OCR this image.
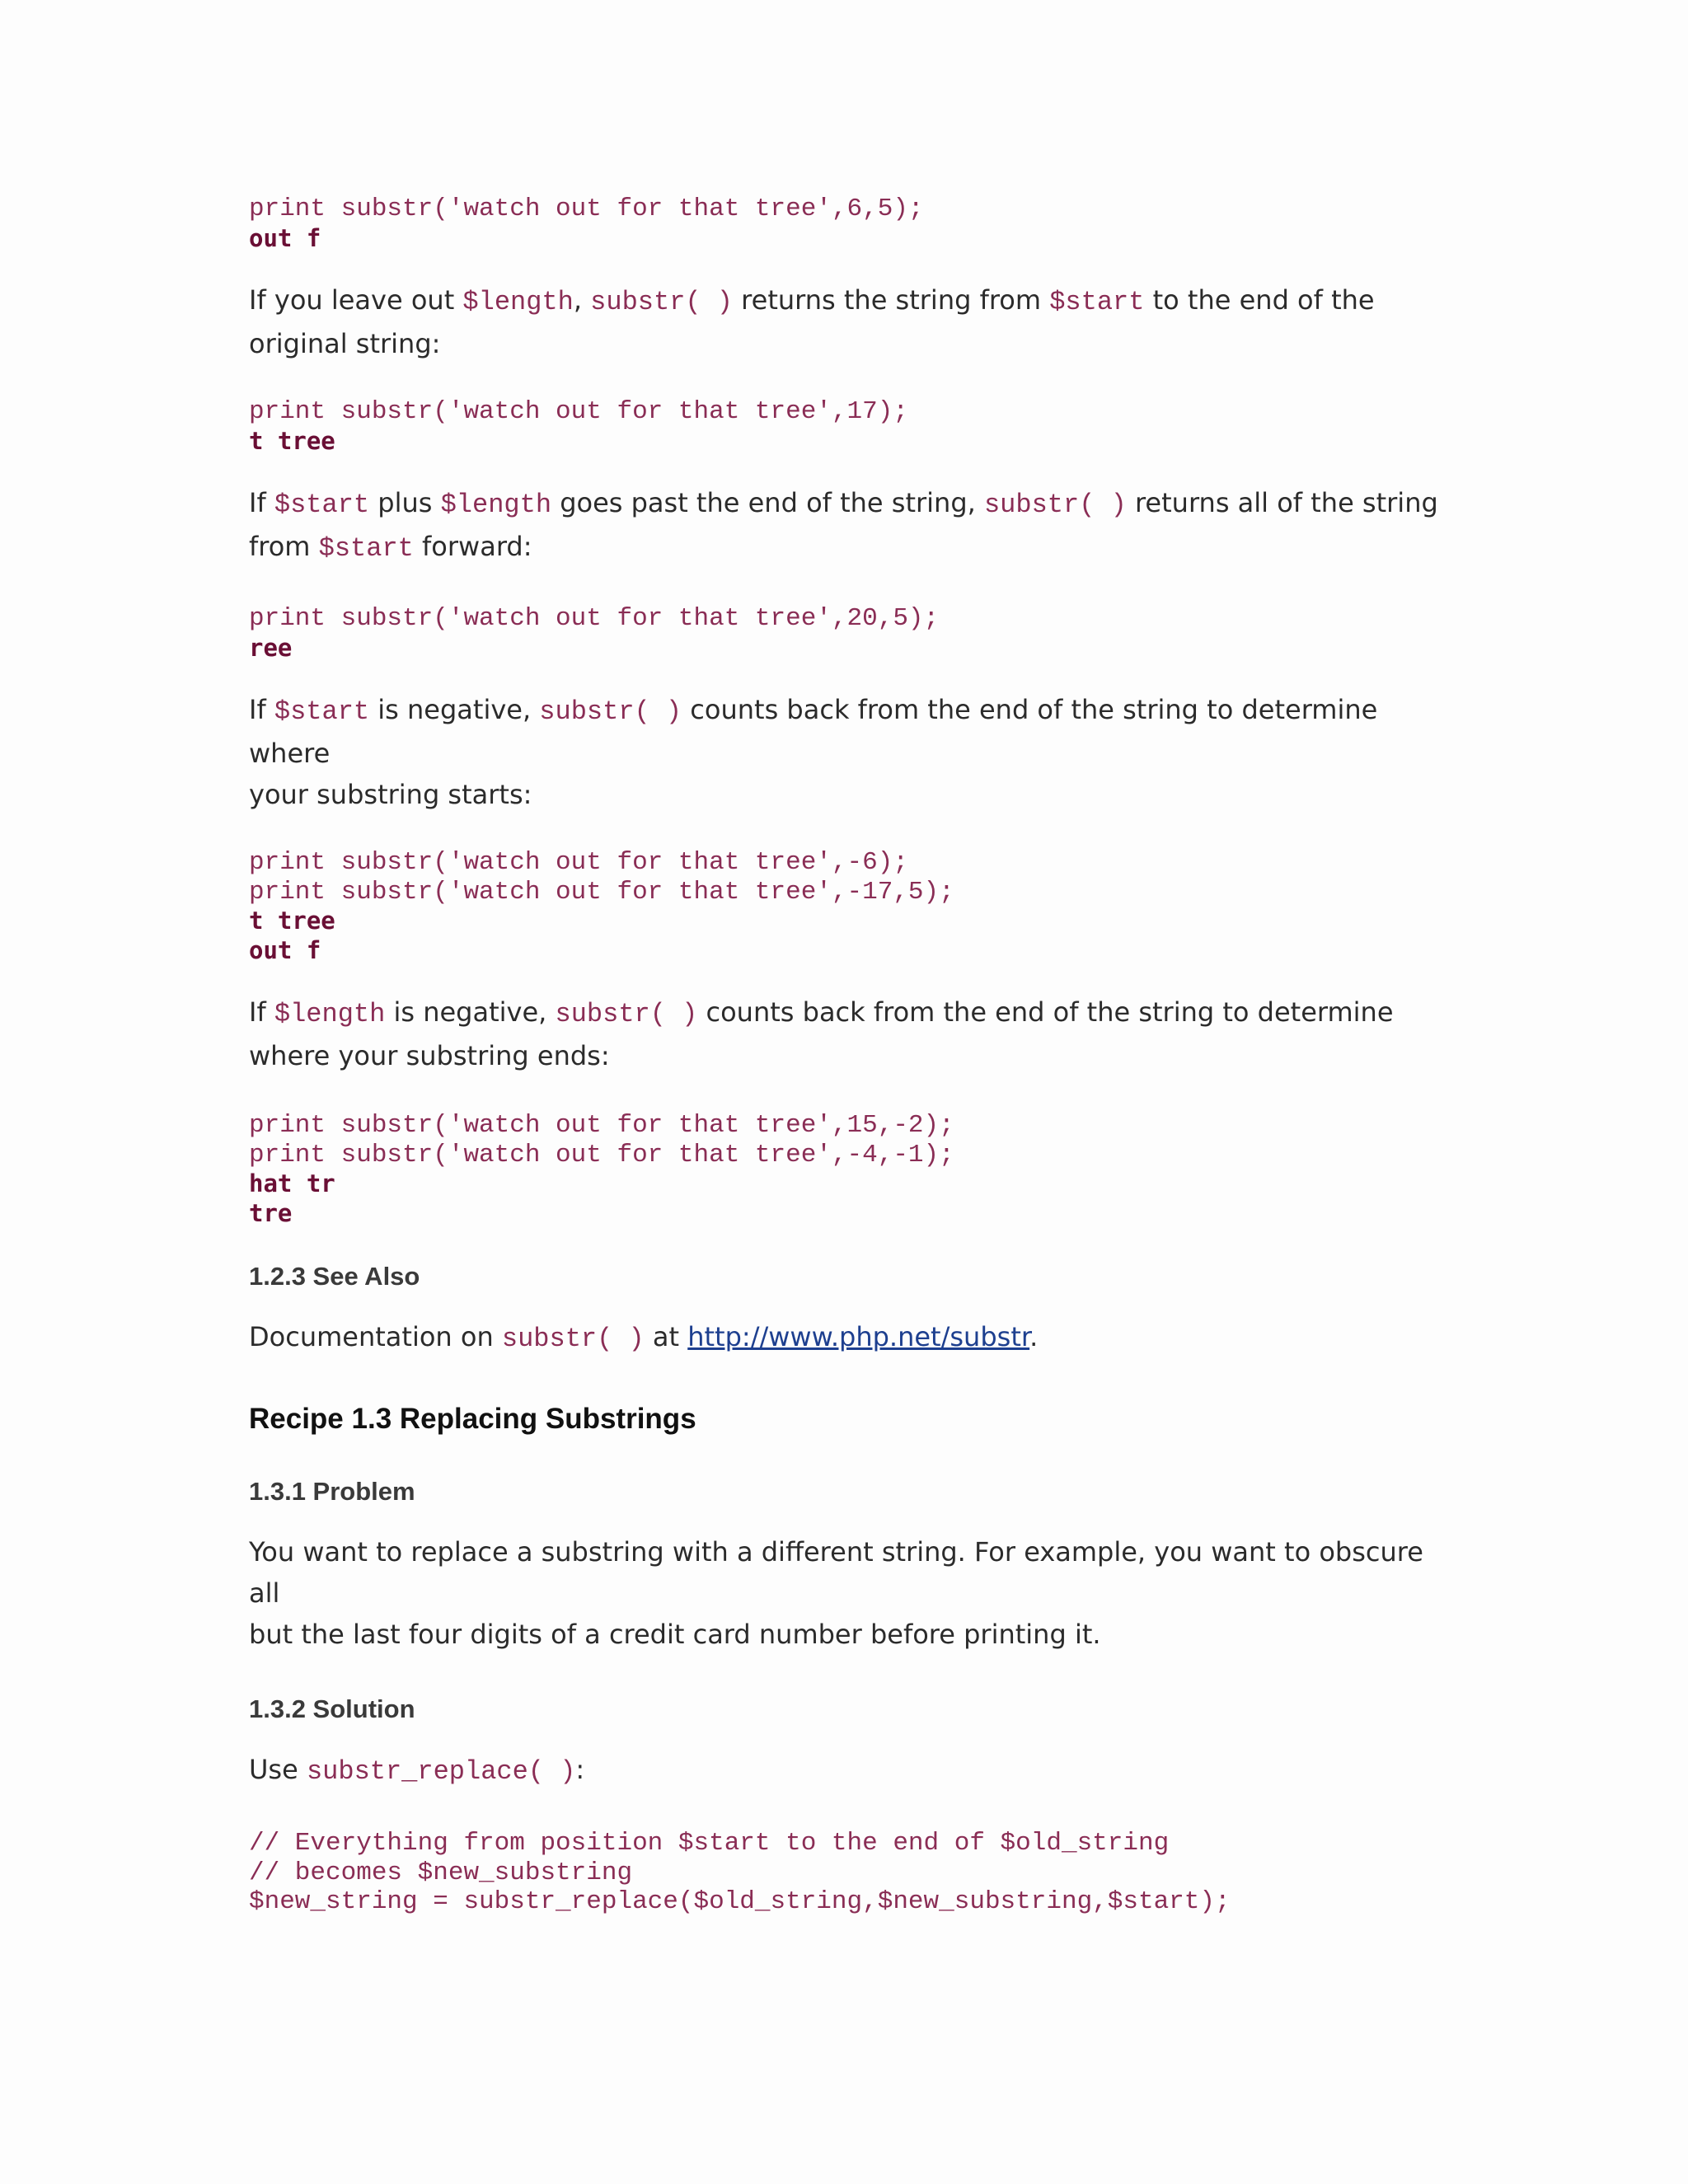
print substr('watch out for that tree',6,5);
out f

If you leave out $length, substr( ) returns the string from $start to the end of the
original string:

print substr('watch out for that tree',17);
t tree

If $start plus $length goes past the end of the string, substr( ) returns all of the string
from $start forward:

print substr('watch out for that tree',20,5);
ree

If $start is negative, substr( ) counts back from the end of the string to determine where
your substring starts:

print substr('watch out for that tree',-6);
print substr('watch out for that tree',-17,5);
t tree
out f

If $length is negative, substr( ) counts back from the end of the string to determine
where your substring ends:

print substr('watch out for that tree',15,-2);
print substr('watch out for that tree',-4,-1);
hat tr
tre
1.2.3 See Also

Documentation on substr( ) at http://www.php.net/substr.

Recipe 1.3 Replacing Substrings
1.3.1 Problem

You want to replace a substring with a different string. For example, you want to obscure all
but the last four digits of a credit card number before printing it.

1.3.2 Solution

Use substr_replace( ):

// Everything from position $start to the end of $old_string
// becomes $new_substring
$new_string = substr_replace($old_string,$new_substring,$start);
